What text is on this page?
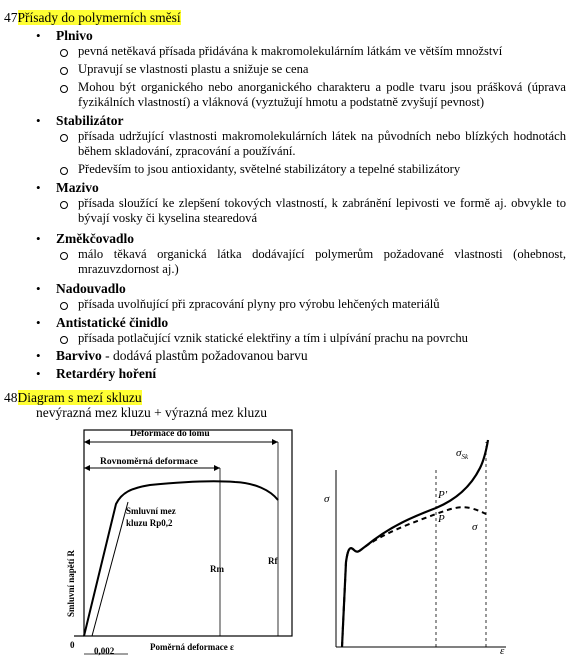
47Přísady do polymerních směsí
• Plnivo
pevná netěkavá přísada přidávána k makromolekulárním látkám ve větším množství
Upravují se vlastnosti plastu a snižuje se cena
Mohou být organického nebo anorganického charakteru a podle tvaru jsou prášková (úprava fyzikálních vlastností) a vláknová (vyztužují hmotu a podstatně zvyšují pevnost)
• Stabilizátor
přísada udržující vlastnosti makromolekulárních látek na původních nebo blízkých hodnotách během skladování, zpracování a používání.
Především to jsou antioxidanty, světelné stabilizátory a tepelné stabilizátory
• Mazivo
přísada sloužící ke zlepšení tokových vlastností, k zabránění lepivosti ve formě aj. obvykle to bývají vosky či kyselina stearedová
• Změkčovadlo
málo těkavá organická látka dodávající polymerům požadované vlastnosti (ohebnost, mrazuvzdornost aj.)
• Nadouvadlo
přísada uvolňující při zpracování plyny pro výrobu lehčených materiálů
• Antistatické činidlo
přísada potlačující vznik statické elektřiny a tím i ulpívání prachu na povrchu
• Barvivo - dodává plastům požadovanou barvu
• Retardéry hoření
48Diagram s mezí skluzu
nevýrazná mez kluzu + výrazná mez kluzu
Deformace do lomu
Rovnoměrná deformace
Smluvní mez
kluzu Rp0,2
Rm
Rf
Smluvní napětí R
Poměrná deformace ε
0
0,002
σ
ε
$\sigma_{Sk}$
P'
P
σ
